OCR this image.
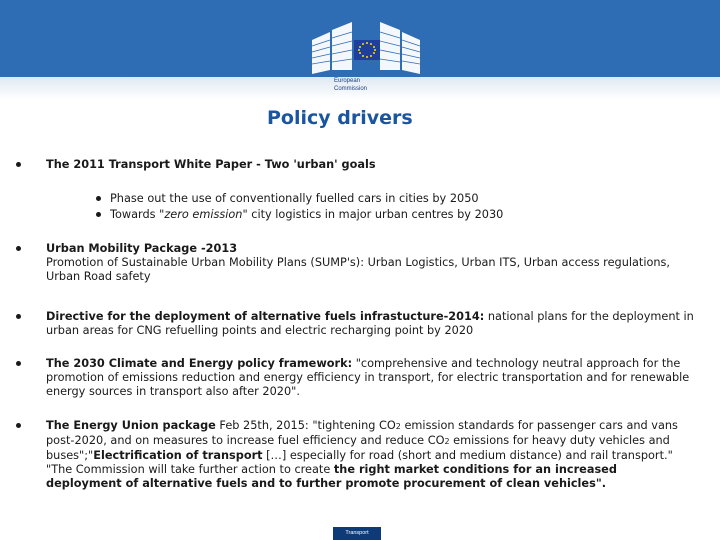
European
Commission
Policy drivers
The 2011 Transport White Paper - Two 'urban' goals
Phase out the use of conventionally fuelled cars in cities by 2050
Towards "zero emission" city logistics in major urban centres by 2030
Urban Mobility Package -2013
Promotion of Sustainable Urban Mobility Plans (SUMP's): Urban Logistics, Urban ITS, Urban access regulations, Urban Road safety
Directive for the deployment of alternative fuels infrastucture-2014: national plans for the deployment in urban areas for CNG refuelling points and electric recharging point by 2020
The 2030 Climate and Energy policy framework: "comprehensive and technology neutral approach for the promotion of emissions reduction and energy efficiency in transport, for electric transportation and for renewable energy sources in transport also after 2020".
The Energy Union package Feb 25th, 2015: "tightening CO2 emission standards for passenger cars and vans post-2020, and on measures to increase fuel efficiency and reduce CO2 emissions for heavy duty vehicles and buses";"Electrification of transport […] especially for road (short and medium distance) and rail transport." "The Commission will take further action to create the right market conditions for an increased deployment of alternative fuels and to further promote procurement of clean vehicles".
Transport
